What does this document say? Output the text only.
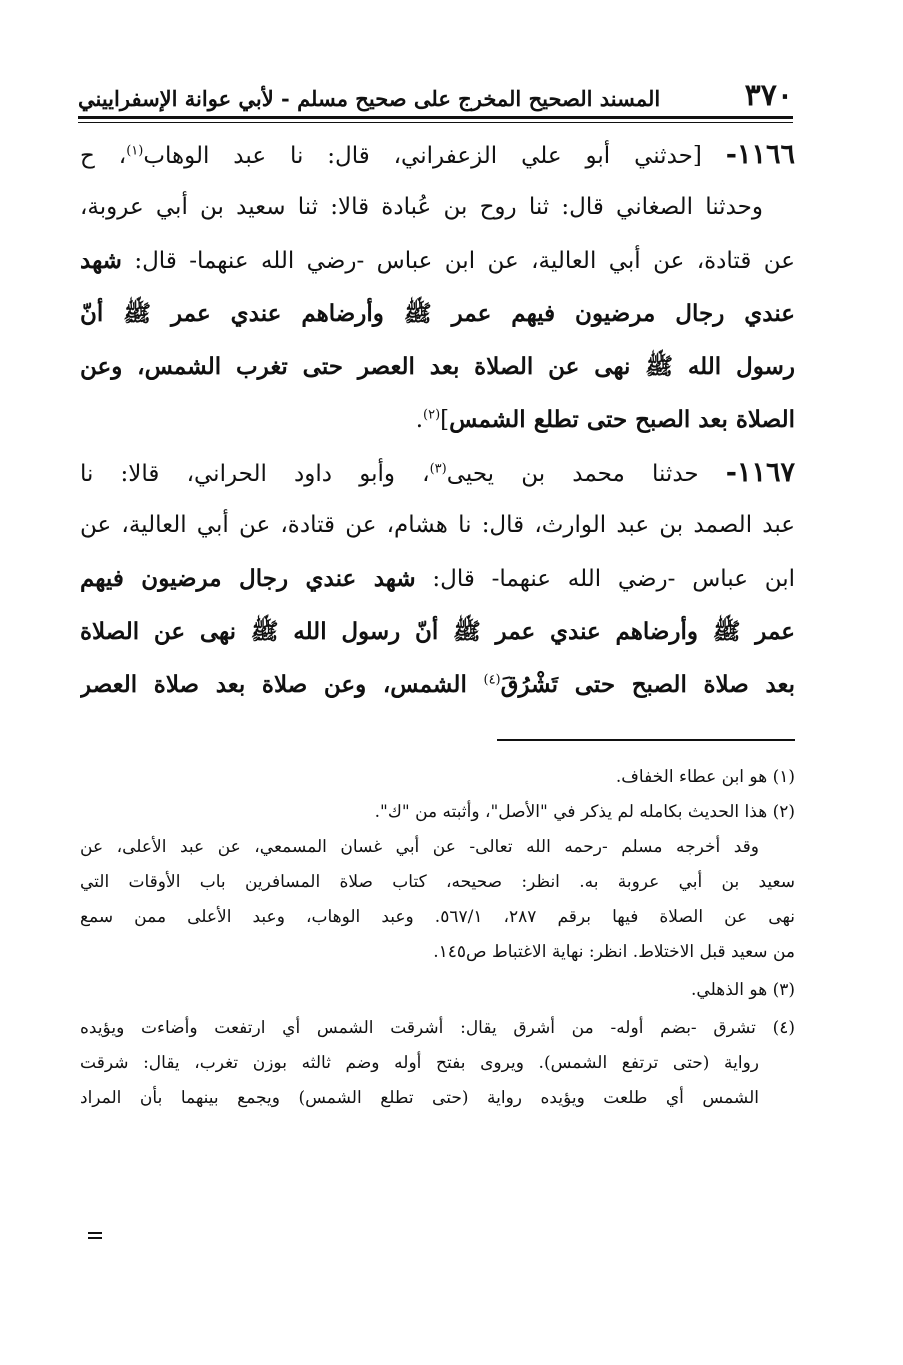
٣٧٠
المسند الصحيح المخرج على صحيح مسلم - لأبي عوانة الإسفراييني
١١٦٦- [حدثني أبو علي الزعفراني، قال: نا عبد الوهاب$^{(١)}$، ح
وحدثنا الصغاني قال: ثنا روح بن عُبادة قالا: ثنا سعيد بن أبي عروبة،
عن قتادة، عن أبي العالية، عن ابن عباس -رضي الله عنهما- قال: شهد
عندي رجال مرضيون فيهم عمر ﷺ وأرضاهم عندي عمر ﷺ أنّ
رسول الله ﷺ نهى عن الصلاة بعد العصر حتى تغرب الشمس، وعن
الصلاة بعد الصبح حتى تطلع الشمس]$^{(٢)}$.
١١٦٧- حدثنا محمد بن يحيى$^{(٣)}$، وأبو داود الحراني، قالا: نا
عبد الصمد بن عبد الوارث، قال: نا هشام، عن قتادة، عن أبي العالية، عن
ابن عباس -رضي الله عنهما- قال: شهد عندي رجال مرضيون فيهم
عمر ﷺ وأرضاهم عندي عمر ﷺ أنّ رسول الله ﷺ نهى عن الصلاة
بعد صلاة الصبح حتى تَشْرُقَ$^{(٤)}$ الشمس، وعن صلاة بعد صلاة العصر
(١) هو ابن عطاء الخفاف.
(٢) هذا الحديث بكامله لم يذكر في "الأصل"، وأثبته من "ك".
وقد أخرجه مسلم -رحمه الله تعالى- عن أبي غسان المسمعي، عن عبد الأعلى، عن
سعيد بن أبي عروبة به. انظر: صحيحه، كتاب صلاة المسافرين باب الأوقات التي
نهى عن الصلاة فيها برقم ٢٨٧، ٥٦٧/١. وعبد الوهاب، وعبد الأعلى ممن سمع
من سعيد قبل الاختلاط. انظر: نهاية الاغتباط ص١٤٥.
(٣) هو الذهلي.
(٤) تشرق -بضم أوله- من أشرق يقال: أشرقت الشمس أي ارتفعت وأضاءت ويؤيده
رواية (حتى ترتفع الشمس). ويروى بفتح أوله وضم ثالثه بوزن تغرب، يقال: شرقت
الشمس أي طلعت ويؤيده رواية (حتى تطلع الشمس) ويجمع بينهما بأن المراد
